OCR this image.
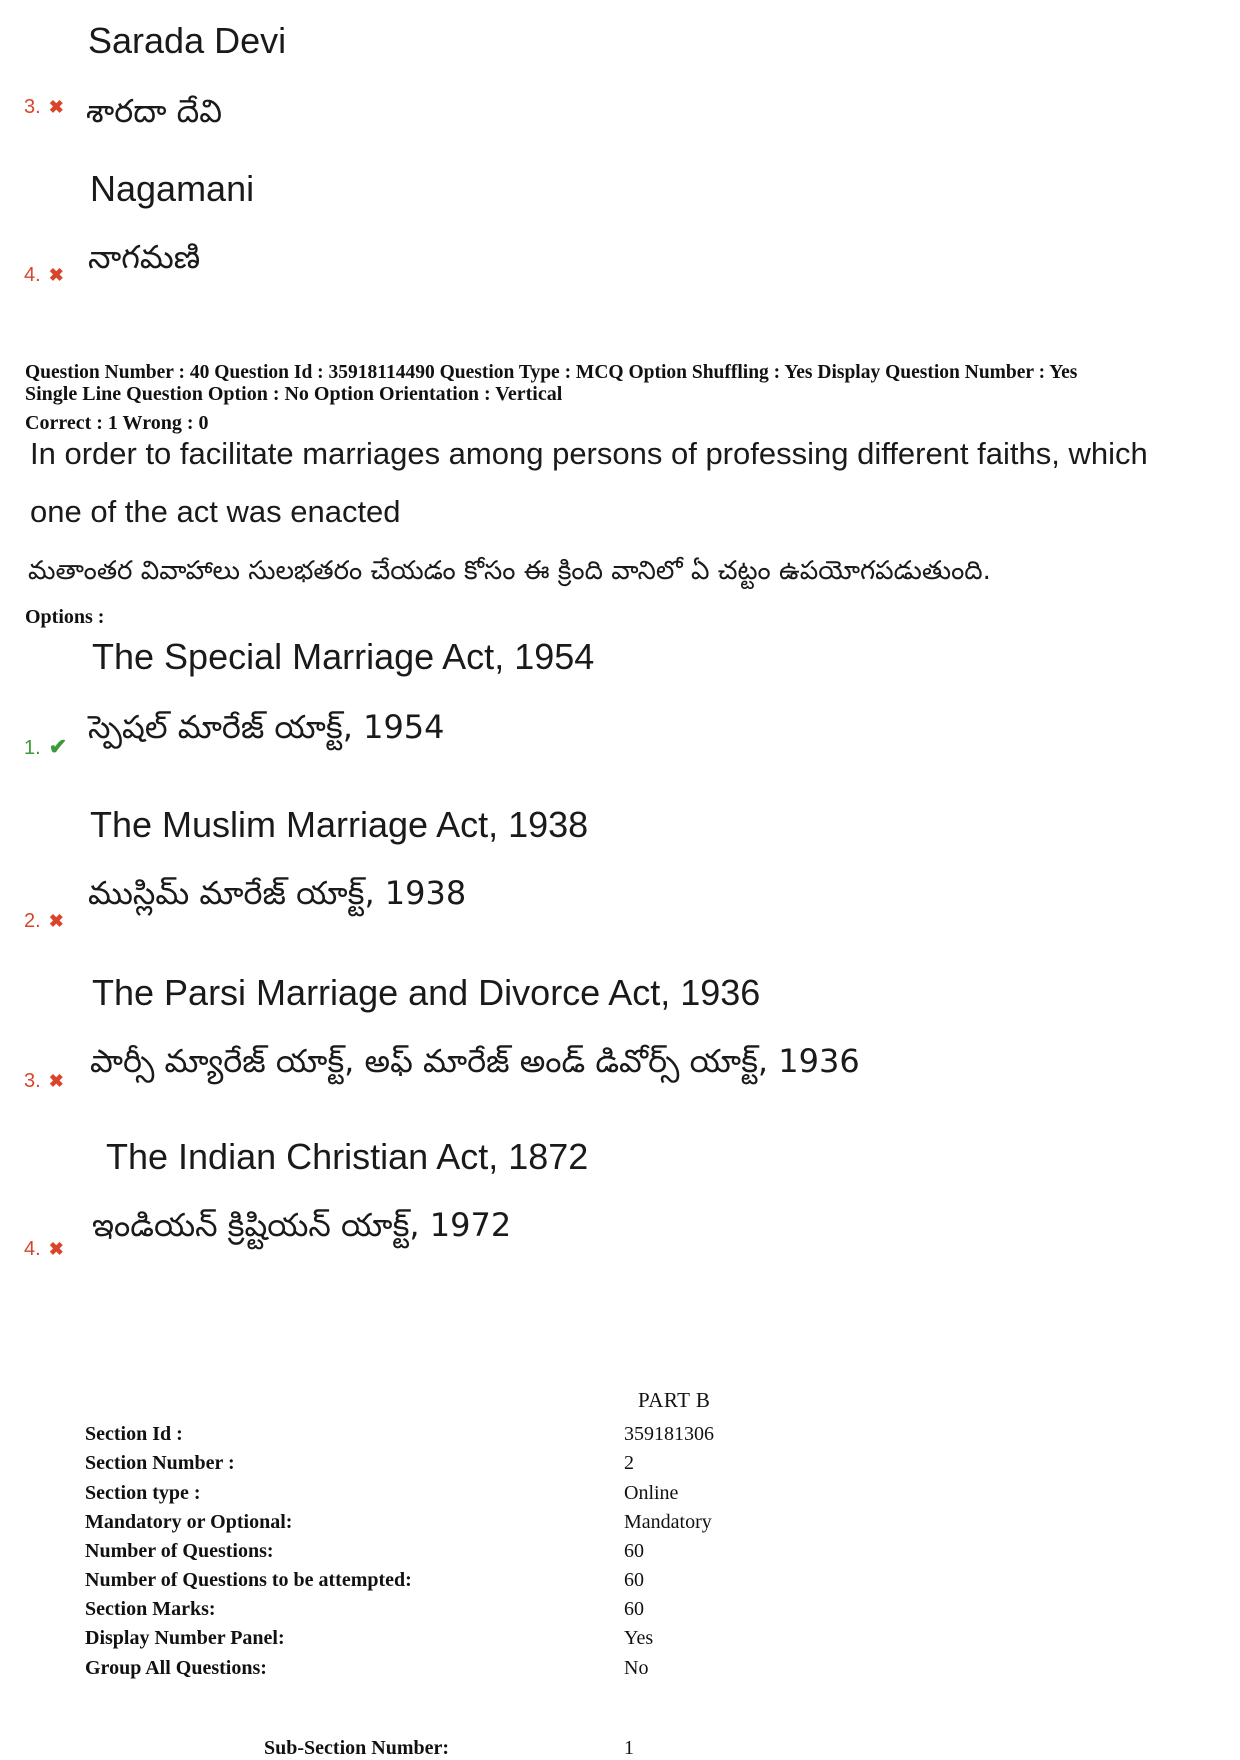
Sarada Devi
3. ✖ శారదా దేవి
Nagamani
4. ✖ నాగమణి
Question Number : 40 Question Id : 35918114490 Question Type : MCQ Option Shuffling : Yes Display Question Number : Yes
Single Line Question Option : No Option Orientation : Vertical
Correct : 1 Wrong : 0
In order to facilitate marriages among persons of professing different faiths, which
one of the act was enacted
మతాంతర వివాహాలు సులభతరం చేయడం కోసం ఈ క్రింది వానిలో ఏ చట్టం ఉపయోగపడుతుంది.
Options :
The Special Marriage Act, 1954
1. ✔
స్పెషల్ మారేజ్ యాక్ట్, 1954
The Muslim Marriage Act, 1938
2. ✖
ముస్లిమ్ మారేజ్ యాక్ట్, 1938
The Parsi Marriage and Divorce Act, 1936
3. ✖
పార్సీ మ్యారేజ్ యాక్ట్, అఫ్ మారేజ్ అండ్ డివోర్స్ యాక్ట్, 1936
The Indian Christian Act, 1872
4. ✖
ఇండియన్ క్రిష్టియన్ యాక్ట్, 1972
PART B
Section Id :	359181306
Section Number :	2
Section type :	Online
Mandatory or Optional:	Mandatory
Number of Questions:	60
Number of Questions to be attempted:	60
Section Marks:	60
Display Number Panel:	Yes
Group All Questions:	No
Sub-Section Number:	1
